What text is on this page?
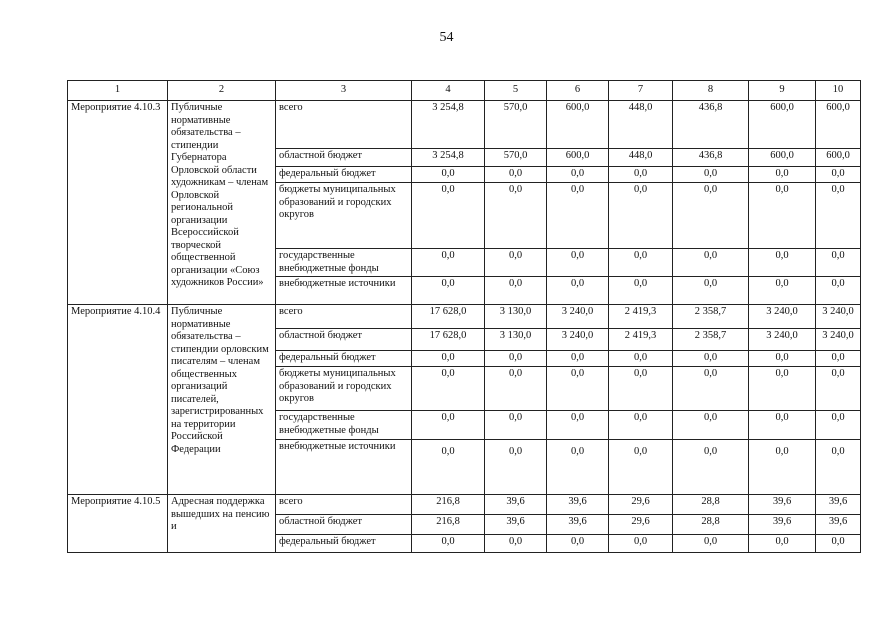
54
1	2	3	4	5	6	7	8	9	10
Мероприятие 4.10.3	Публичные нормативные обязательства – стипендии Губернатора Орловской области художникам – членам Орловской региональной организации Всероссийской творческой общественной организации «Союз художников России»	всего	3 254,8	570,0	600,0	448,0	436,8	600,0	600,0
		областной бюджет	3 254,8	570,0	600,0	448,0	436,8	600,0	600,0
		федеральный бюджет	0,0	0,0	0,0	0,0	0,0	0,0	0,0
		бюджеты муниципальных образований и городских округов	0,0	0,0	0,0	0,0	0,0	0,0	0,0
		государственные внебюджетные фонды	0,0	0,0	0,0	0,0	0,0	0,0	0,0
		внебюджетные источники	0,0	0,0	0,0	0,0	0,0	0,0	0,0
Мероприятие 4.10.4	Публичные нормативные обязательства – стипендии орловским писателям – членам общественных организаций писателей, зарегистрированных на территории Российской Федерации	всего	17 628,0	3 130,0	3 240,0	2 419,3	2 358,7	3 240,0	3 240,0
		областной бюджет	17 628,0	3 130,0	3 240,0	2 419,3	2 358,7	3 240,0	3 240,0
		федеральный бюджет	0,0	0,0	0,0	0,0	0,0	0,0	0,0
		бюджеты муниципальных образований и городских округов	0,0	0,0	0,0	0,0	0,0	0,0	0,0
		государственные внебюджетные фонды	0,0	0,0	0,0	0,0	0,0	0,0	0,0
		внебюджетные источники	0,0	0,0	0,0	0,0	0,0	0,0	0,0
Мероприятие 4.10.5	Адресная поддержка вышедших на пенсию и	всего	216,8	39,6	39,6	29,6	28,8	39,6	39,6
		областной бюджет	216,8	39,6	39,6	29,6	28,8	39,6	39,6
		федеральный бюджет	0,0	0,0	0,0	0,0	0,0	0,0	0,0
